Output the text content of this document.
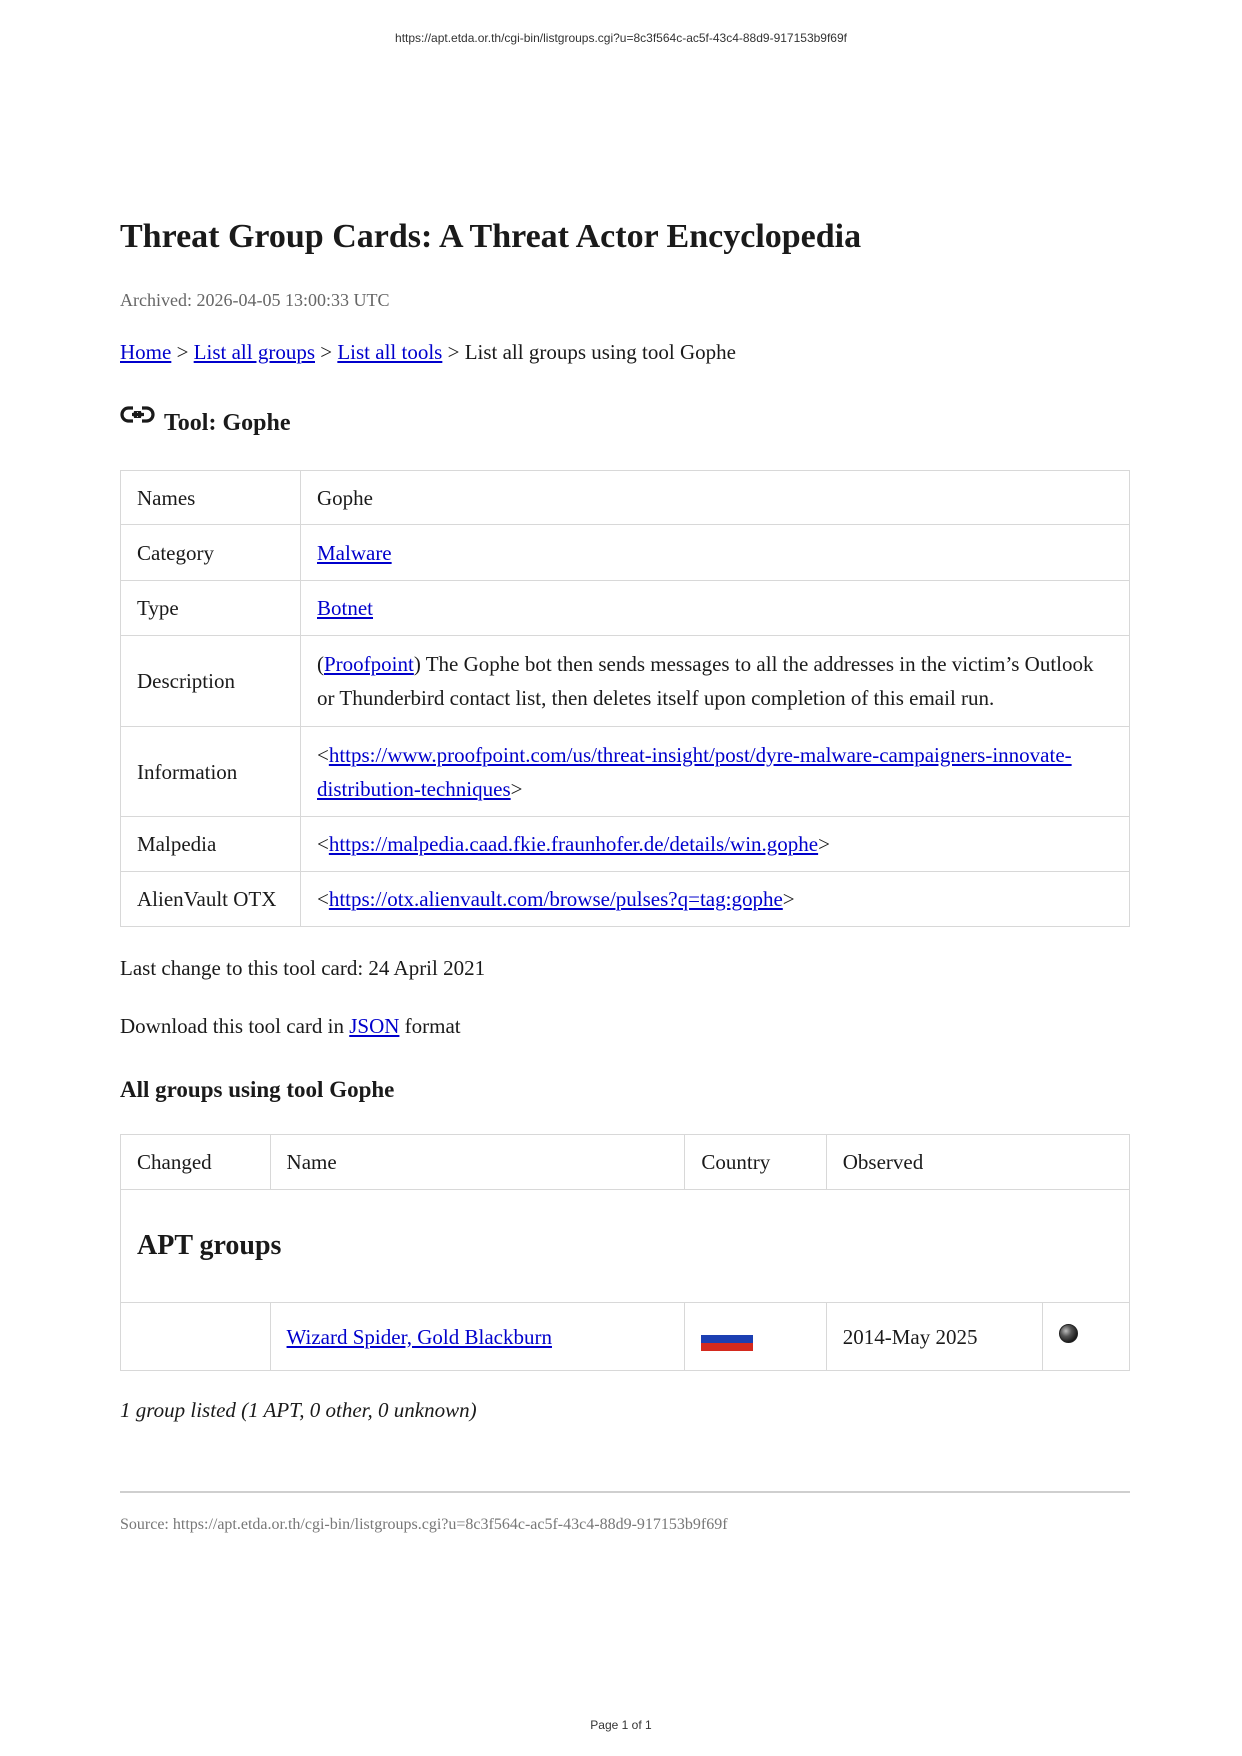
https://apt.etda.or.th/cgi-bin/listgroups.cgi?u=8c3f564c-ac5f-43c4-88d9-917153b9f69f
Threat Group Cards: A Threat Actor Encyclopedia
Archived: 2026-04-05 13:00:33 UTC
Home > List all groups > List all tools > List all groups using tool Gophe
Tool: Gophe
Names	Gophe
Category	Malware
Type	Botnet
Description	(Proofpoint) The Gophe bot then sends messages to all the addresses in the victim’s Outlook or Thunderbird contact list, then deletes itself upon completion of this email run.
Information	<https://www.proofpoint.com/us/threat-insight/post/dyre-malware-campaigners-innovate-distribution-techniques>
Malpedia	<https://malpedia.caad.fkie.fraunhofer.de/details/win.gophe>
AlienVault OTX	<https://otx.alienvault.com/browse/pulses?q=tag:gophe>
Last change to this tool card: 24 April 2021
Download this tool card in JSON format
All groups using tool Gophe
Changed	Name	Country	Observed	
APT groups				
	Wizard Spider, Gold Blackburn		2014-May 2025	
1 group listed (1 APT, 0 other, 0 unknown)
Source: https://apt.etda.or.th/cgi-bin/listgroups.cgi?u=8c3f564c-ac5f-43c4-88d9-917153b9f69f
Page 1 of 1
